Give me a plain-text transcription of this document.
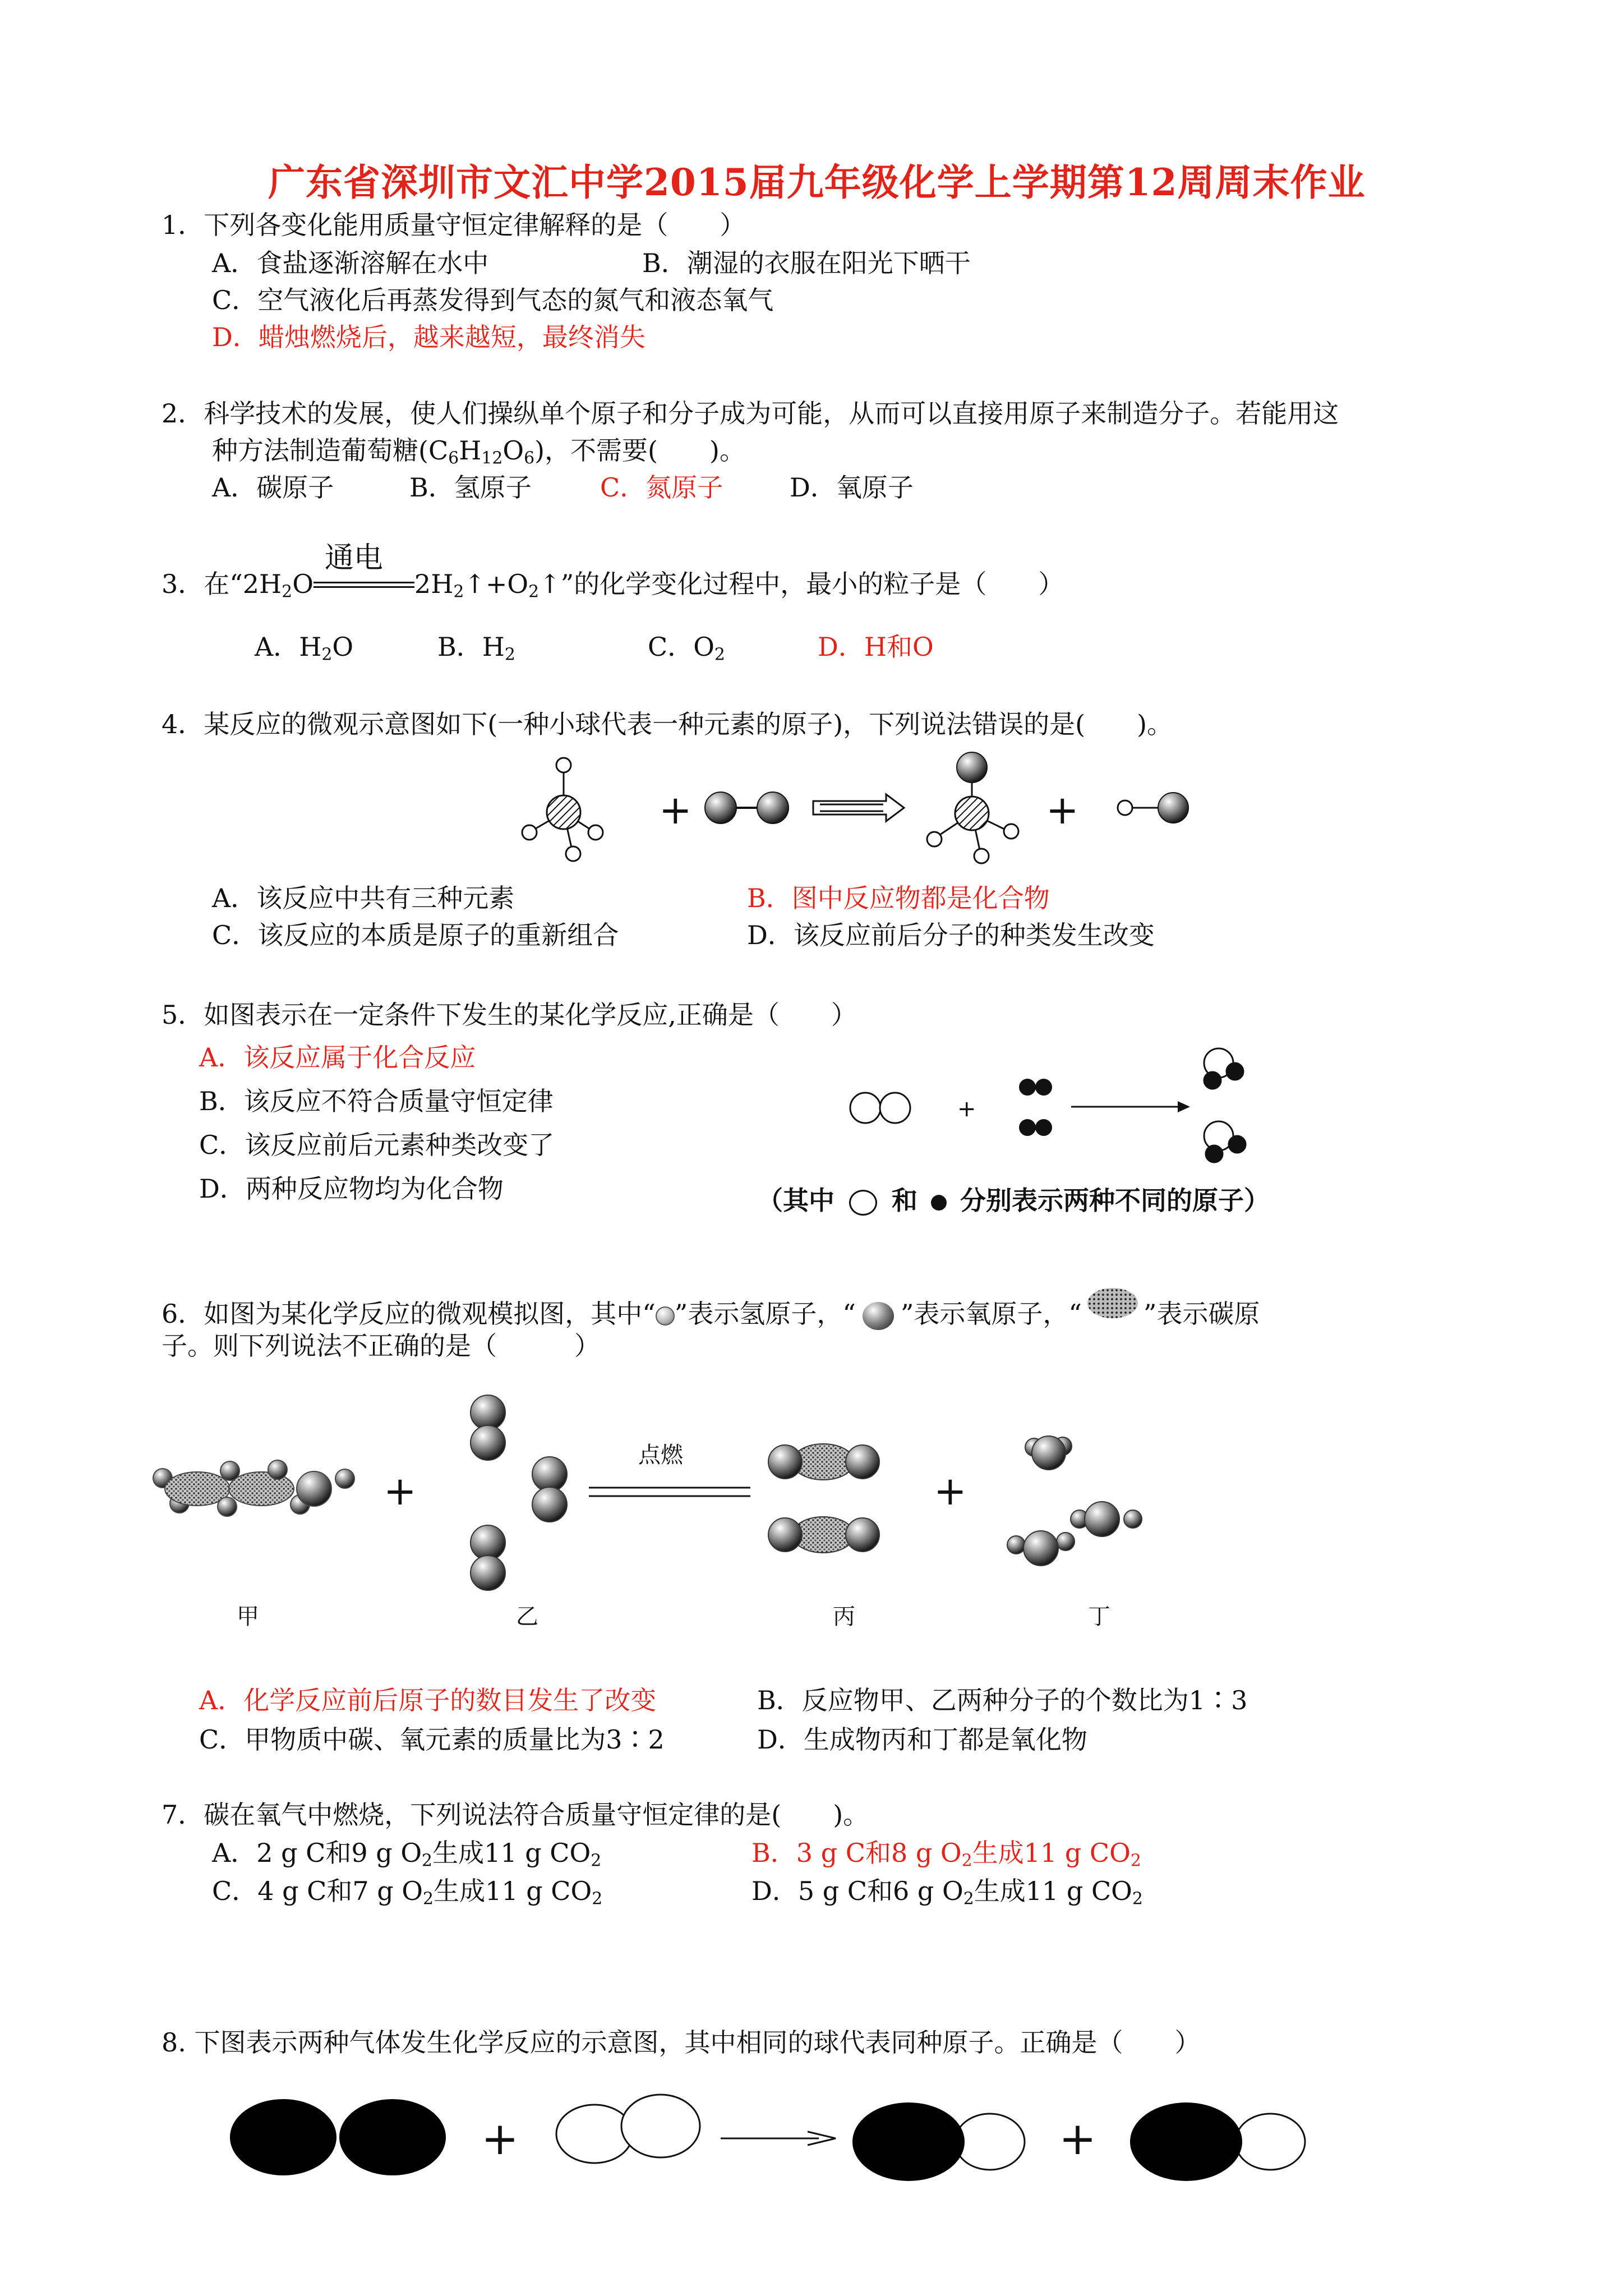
广东省深圳市文汇中学2015届九年级化学上学期第12周周末作业
1．下列各变化能用质量守恒定律解释的是（　　）
A．食盐逐渐溶解在水中	B．潮湿的衣服在阳光下晒干
C．空气液化后再蒸发得到气态的氮气和液态氧气
D．蜡烛燃烧后，越来越短，最终消失
2．科学技术的发展，使人们操纵单个原子和分子成为可能，从而可以直接用原子来制造分子。若能用这
种方法制造葡萄糖$(C_6H_{12}O_6)$，不需要(　　)。
A．碳原子	B．氢原子	C．氮原子	D．氧原子
3．在“$2H_2O$
通电
$2H_2↑+O_2↑$”的化学变化过程中，最小的粒子是（　　）
A．$H_2O$	B．$H_2$	C．$O_2$	D．H和O
4．某反应的微观示意图如下(一种小球代表一种元素的原子)，下列说法错误的是(　　)。
+	+
A．该反应中共有三种元素	B．图中反应物都是化合物
C．该反应的本质是原子的重新组合	D．该反应前后分子的种类发生改变
5．如图表示在一定条件下发生的某化学反应,正确是（　　）
A．该反应属于化合反应
B．该反应不符合质量守恒定律
C．该反应前后元素种类改变了
D．两种反应物均为化合物
+
（其中 和 分别表示两种不同的原子）
6．如图为某化学反应的微观模拟图，其中“ ”表示氢原子，“ ”表示氧原子，“ ”表示碳原
子。则下列说法不正确的是（　　　）
+	+
点燃
甲	乙	丙	丁
A．化学反应前后原子的数目发生了改变	B．反应物甲、乙两种分子的个数比为1∶3
C．甲物质中碳、氧元素的质量比为3∶2	D．生成物丙和丁都是氧化物
7．碳在氧气中燃烧，下列说法符合质量守恒定律的是(　　)。
A．2 g C和9 g $O_2$生成11 g $CO_2$	B．3 g C和8 g $O_2$生成11 g $CO_2$
C．4 g C和7 g $O_2$生成11 g $CO_2$	D．5 g C和6 g $O_2$生成11 g $CO_2$
8. 下图表示两种气体发生化学反应的示意图，其中相同的球代表同种原子。正确是（　　）
+	+
